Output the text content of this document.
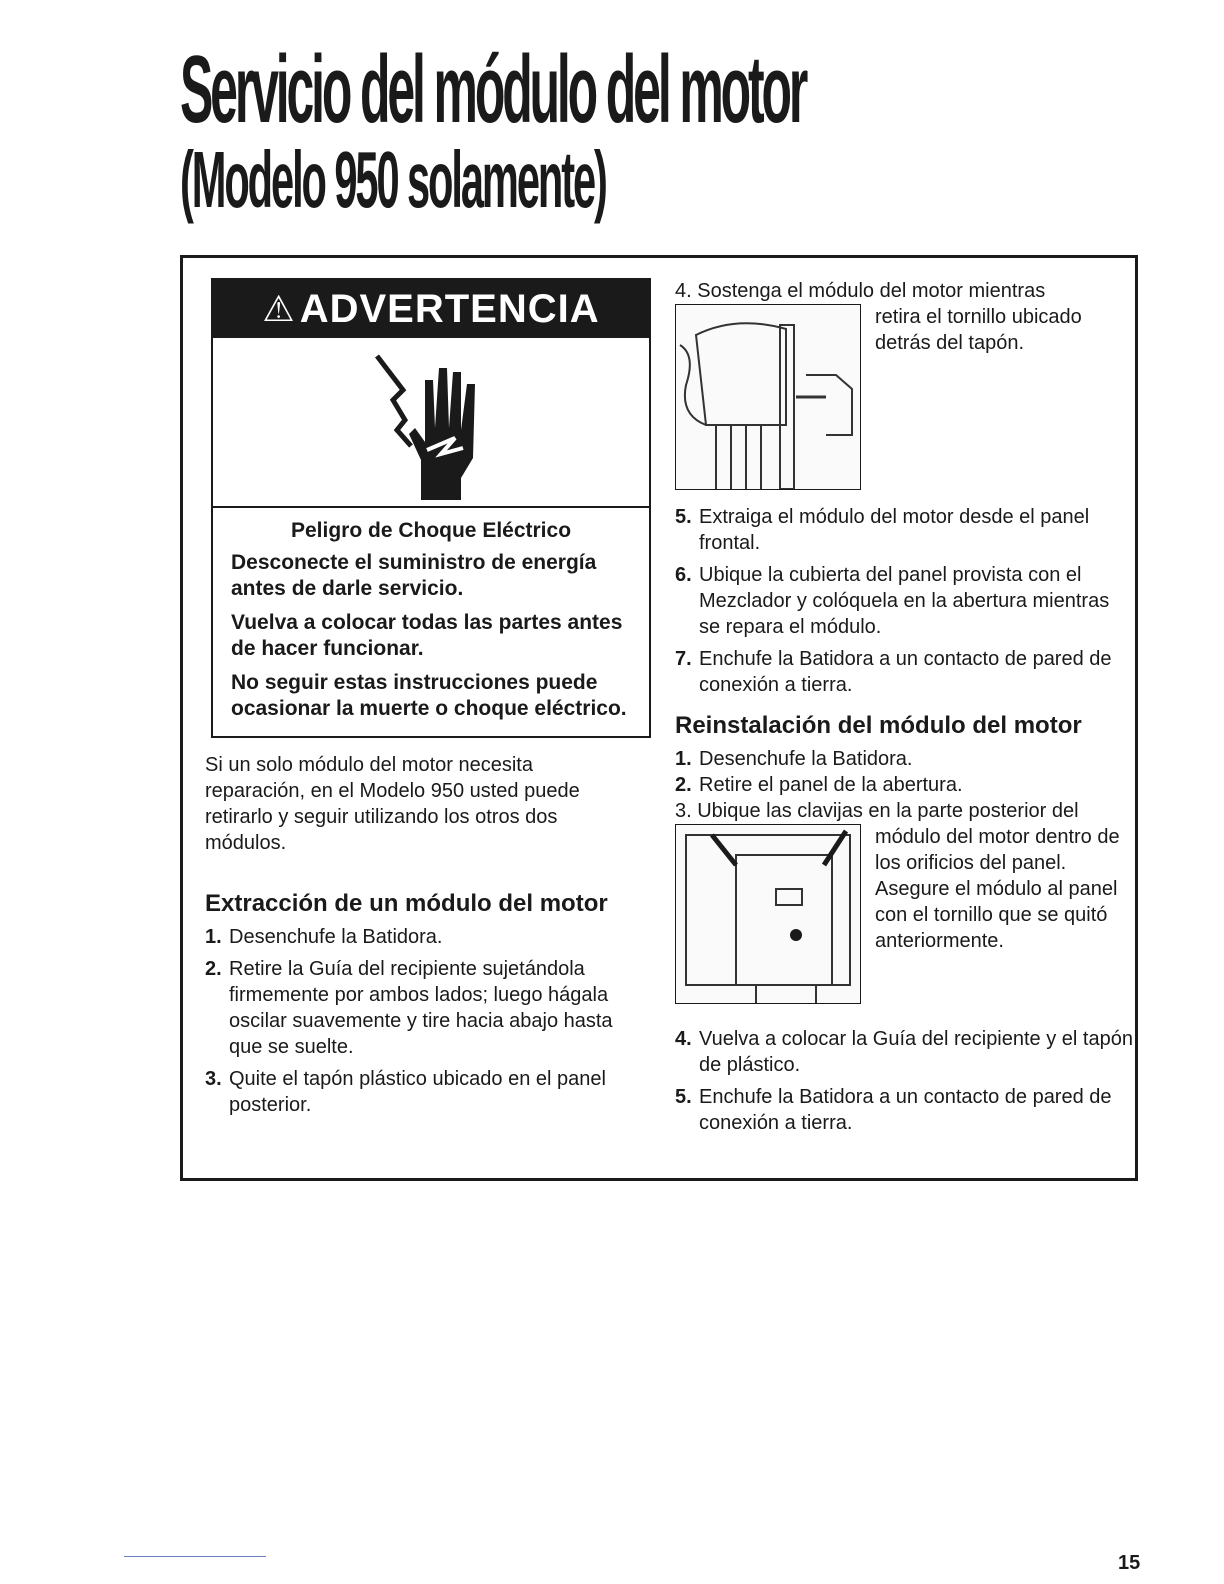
Servicio del módulo del motor
(Modelo 950 solamente)
⚠ ADVERTENCIA
Peligro de Choque Eléctrico

Desconecte el suministro de energía antes de darle servicio.

Vuelva a colocar todas las partes antes de hacer funcionar.

No seguir estas instrucciones puede ocasionar la muerte o choque eléctrico.

Si un solo módulo del motor necesita reparación, en el Modelo 950 usted puede retirarlo y seguir utilizando los otros dos módulos.
Extracción de un módulo del motor
1. Desenchufe la Batidora.
2. Retire la Guía del recipiente sujetándola firmemente por ambos lados; luego hágala oscilar suavemente y tire hacia abajo hasta que se suelte.
3. Quite el tapón plástico ubicado en el panel posterior.
4. Sostenga el módulo del motor mientras
retira el tornillo ubicado detrás del tapón.
5. Extraiga el módulo del motor desde el panel frontal.
6. Ubique la cubierta del panel provista con el Mezclador y colóquela en la abertura mientras se repara el módulo.
7. Enchufe la Batidora a un contacto de pared de conexión a tierra.
Reinstalación del módulo del motor
1. Desenchufe la Batidora.
2. Retire el panel de la abertura.
3. Ubique las clavijas en la parte posterior del
módulo del motor dentro de los orificios del panel. Asegure el módulo al panel con el tornillo que se quitó anteriormente.
4. Vuelva a colocar la Guía del recipiente y el tapón de plástico.
5. Enchufe la Batidora a un contacto de pared de conexión a tierra.
15
